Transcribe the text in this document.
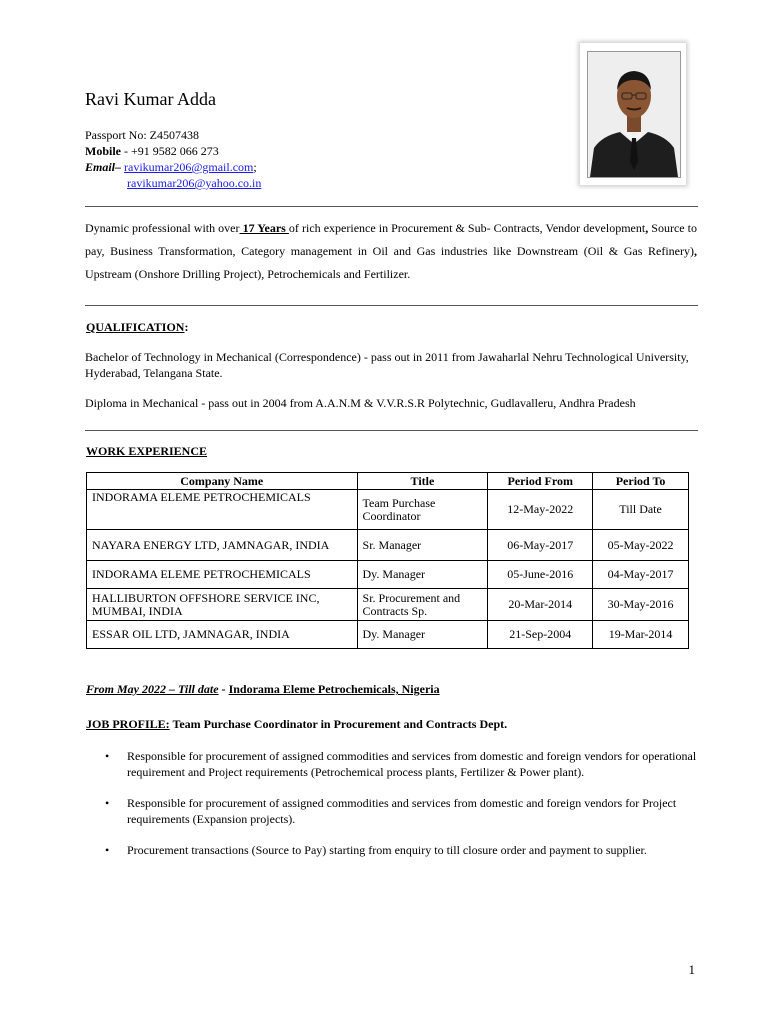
Ravi Kumar Adda
Passport No: Z4507438
Mobile - +91 9582 066 273
Email– ravikumar206@gmail.com;
ravikumar206@yahoo.co.in
Dynamic professional with over 17 Years of rich experience in Procurement & Sub- Contracts, Vendor development, Source to pay, Business Transformation, Category management in Oil and Gas industries like Downstream (Oil & Gas Refinery), Upstream (Onshore Drilling Project), Petrochemicals and Fertilizer.
QUALIFICATION:
Bachelor of Technology in Mechanical (Correspondence) - pass out in 2011 from Jawaharlal Nehru Technological University, Hyderabad, Telangana State.
Diploma in Mechanical - pass out in 2004 from A.A.N.M & V.V.R.S.R Polytechnic, Gudlavalleru, Andhra Pradesh
WORK EXPERIENCE
Company Name	Title	Period From	Period To
INDORAMA ELEME PETROCHEMICALS	Team Purchase Coordinator	12-May-2022	Till Date
NAYARA ENERGY LTD, JAMNAGAR, INDIA	Sr. Manager	06-May-2017	05-May-2022
INDORAMA ELEME PETROCHEMICALS	Dy. Manager	05-June-2016	04-May-2017
HALLIBURTON OFFSHORE SERVICE INC, MUMBAI, INDIA	Sr. Procurement and Contracts Sp.	20-Mar-2014	30-May-2016
ESSAR OIL LTD, JAMNAGAR, INDIA	Dy. Manager	21-Sep-2004	19-Mar-2014
From May 2022 – Till date - Indorama Eleme Petrochemicals, Nigeria
JOB PROFILE: Team Purchase Coordinator in Procurement and Contracts Dept.
• Responsible for procurement of assigned commodities and services from domestic and foreign vendors for operational requirement and Project requirements (Petrochemical process plants, Fertilizer & Power plant).
• Responsible for procurement of assigned commodities and services from domestic and foreign vendors for Project requirements (Expansion projects).
• Procurement transactions (Source to Pay) starting from enquiry to till closure order and payment to supplier.
1
